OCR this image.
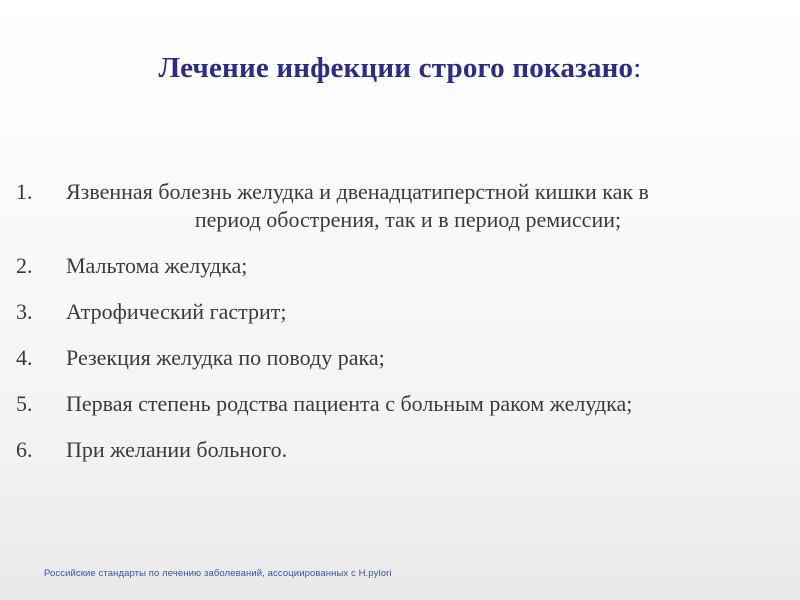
Лечение инфекции строго показано:
1. Язвенная болезнь желудка и двенадцатиперстной кишки как в
период обострения, так и в период ремиссии;
2. Мальтома желудка;
3. Атрофический гастрит;
4. Резекция желудка по поводу рака;
5. Первая степень родства пациента с больным раком желудка;
6. При желании больного.
Российские стандарты по лечению заболеваний, ассоциированных с H.pylori
